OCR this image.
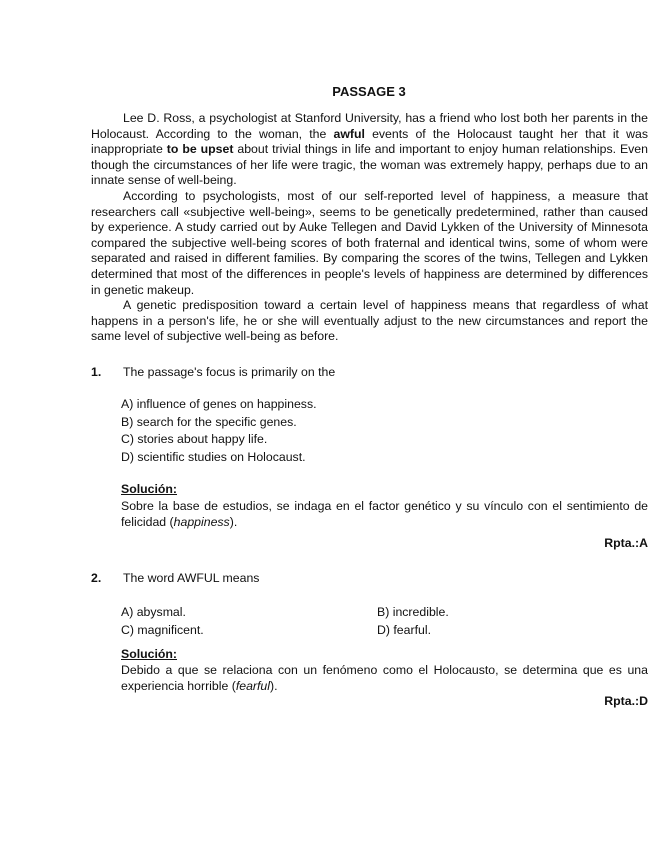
PASSAGE 3

Lee D. Ross, a psychologist at Stanford University, has a friend who lost both her parents in the Holocaust. According to the woman, the awful events of the Holocaust taught her that it was inappropriate to be upset about trivial things in life and important to enjoy human relationships. Even though the circumstances of her life were tragic, the woman was extremely happy, perhaps due to an innate sense of well-being.

According to psychologists, most of our self-reported level of happiness, a measure that researchers call «subjective well-being», seems to be genetically predetermined, rather than caused by experience. A study carried out by Auke Tellegen and David Lykken of the University of Minnesota compared the subjective well-being scores of both fraternal and identical twins, some of whom were separated and raised in different families. By comparing the scores of the twins, Tellegen and Lykken determined that most of the differences in people's levels of happiness are determined by differences in genetic makeup.

A genetic predisposition toward a certain level of happiness means that regardless of what happens in a person's life, he or she will eventually adjust to the new circumstances and report the same level of subjective well-being as before.

1. The passage's focus is primarily on the
A) influence of genes on happiness.
B) search for the specific genes.
C) stories about happy life.
D) scientific studies on Holocaust.
Solución:
Sobre la base de estudios, se indaga en el factor genético y su vínculo con el sentimiento de felicidad (happiness).
Rpta.:A
2. The word AWFUL means
A) abysmal.	B) incredible.
C) magnificent.	D) fearful.
Solución:
Debido a que se relaciona con un fenómeno como el Holocausto, se determina que es una experiencia horrible (fearful).
Rpta.:D
